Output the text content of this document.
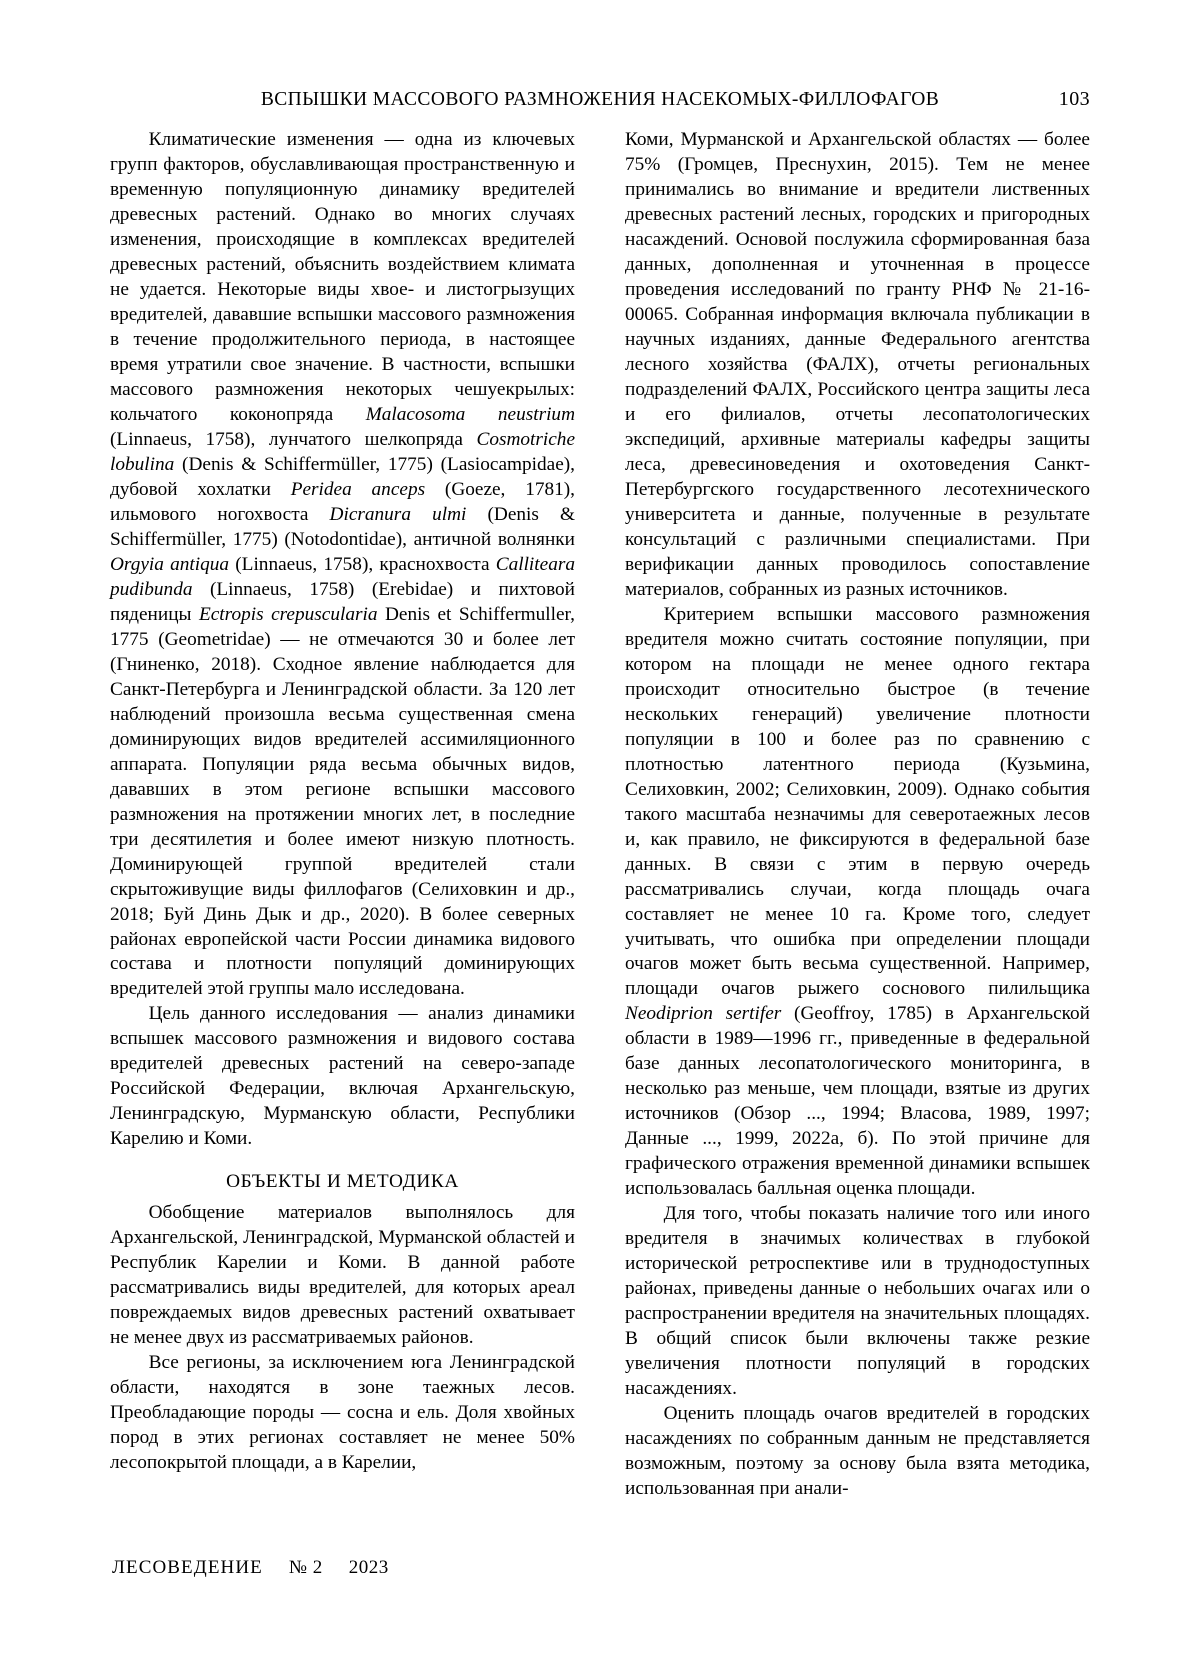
ВСПЫШКИ МАССОВОГО РАЗМНОЖЕНИЯ НАСЕКОМЫХ-ФИЛЛОФАГОВ	103

Климатические изменения — одна из ключевых групп факторов, обуславливающая пространственную и временную популяционную динамику вредителей древесных растений. Однако во многих случаях изменения, происходящие в комплексах вредителей древесных растений, объяснить воздействием климата не удается. Некоторые виды хвое- и листогрызущих вредителей, дававшие вспышки массового размножения в течение продолжительного периода, в настоящее время утратили свое значение. В частности, вспышки массового размножения некоторых чешуекрылых: кольчатого коконопряда Malacosoma neustrium (Linnaeus, 1758), лунчатого шелкопряда Cosmotriche lobulina (Denis & Schiffermüller, 1775) (Lasiocampidae), дубовой хохлатки Peridea anceps (Goeze, 1781), ильмового ногохвоста Dicranura ulmi (Denis & Schiffermüller, 1775) (Notodontidae), античной волнянки Orgyia antiqua (Linnaeus, 1758), краснохвоста Calliteara pudibunda (Linnaeus, 1758) (Erebidae) и пихтовой пяденицы Ectropis crepuscularia Denis et Schiffermuller, 1775 (Geometridae) — не отмечаются 30 и более лет (Гниненко, 2018). Сходное явление наблюдается для Санкт-Петербурга и Ленинградской области. За 120 лет наблюдений произошла весьма существенная смена доминирующих видов вредителей ассимиляционного аппарата. Популяции ряда весьма обычных видов, дававших в этом регионе вспышки массового размножения на протяжении многих лет, в последние три десятилетия и более имеют низкую плотность. Доминирующей группой вредителей стали скрытоживущие виды филлофагов (Селиховкин и др., 2018; Буй Динь Дык и др., 2020). В более северных районах европейской части России динамика видового состава и плотности популяций доминирующих вредителей этой группы мало исследована.

Цель данного исследования — анализ динамики вспышек массового размножения и видового состава вредителей древесных растений на северо-западе Российской Федерации, включая Архангельскую, Ленинградскую, Мурманскую области, Республики Карелию и Коми.

ОБЪЕКТЫ И МЕТОДИКА

Обобщение материалов выполнялось для Архангельской, Ленинградской, Мурманской областей и Республик Карелии и Коми. В данной работе рассматривались виды вредителей, для которых ареал повреждаемых видов древесных растений охватывает не менее двух из рассматриваемых районов.

Все регионы, за исключением юга Ленинградской области, находятся в зоне таежных лесов. Преобладающие породы — сосна и ель. Доля хвойных пород в этих регионах составляет не менее 50% лесопокрытой площади, а в Карелии,

Коми, Мурманской и Архангельской областях — более 75% (Громцев, Преснухин, 2015). Тем не менее принимались во внимание и вредители лиственных древесных растений лесных, городских и пригородных насаждений. Основой послужила сформированная база данных, дополненная и уточненная в процессе проведения исследований по гранту РНФ № 21-16-00065. Собранная информация включала публикации в научных изданиях, данные Федерального агентства лесного хозяйства (ФАЛХ), отчеты региональных подразделений ФАЛХ, Российского центра защиты леса и его филиалов, отчеты лесопатологических экспедиций, архивные материалы кафедры защиты леса, древесиноведения и охотоведения Санкт-Петербургского государственного лесотехнического университета и данные, полученные в результате консультаций с различными специалистами. При верификации данных проводилось сопоставление материалов, собранных из разных источников.

Критерием вспышки массового размножения вредителя можно считать состояние популяции, при котором на площади не менее одного гектара происходит относительно быстрое (в течение нескольких генераций) увеличение плотности популяции в 100 и более раз по сравнению с плотностью латентного периода (Кузьмина, Селиховкин, 2002; Селиховкин, 2009). Однако события такого масштаба незначимы для северотаежных лесов и, как правило, не фиксируются в федеральной базе данных. В связи с этим в первую очередь рассматривались случаи, когда площадь очага составляет не менее 10 га. Кроме того, следует учитывать, что ошибка при определении площади очагов может быть весьма существенной. Например, площади очагов рыжего соснового пилильщика Neodiprion sertifer (Geoffroy, 1785) в Архангельской области в 1989—1996 гг., приведенные в федеральной базе данных лесопатологического мониторинга, в несколько раз меньше, чем площади, взятые из других источников (Обзор ..., 1994; Власова, 1989, 1997; Данные ..., 1999, 2022а, б). По этой причине для графического отражения временной динамики вспышек использовалась балльная оценка площади.

Для того, чтобы показать наличие того или иного вредителя в значимых количествах в глубокой исторической ретроспективе или в труднодоступных районах, приведены данные о небольших очагах или о распространении вредителя на значительных площадях. В общий список были включены также резкие увеличения плотности популяций в городских насаждениях.

Оценить площадь очагов вредителей в городских насаждениях по собранным данным не представляется возможным, поэтому за основу была взята методика, использованная при анали-

ЛЕСОВЕДЕНИЕ № 2 2023
